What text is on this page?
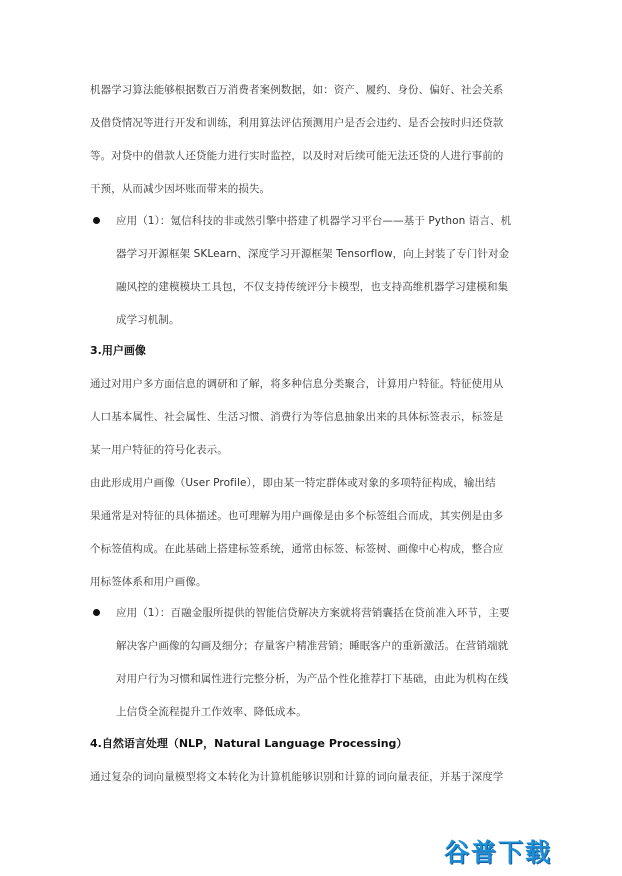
机器学习算法能够根据数百万消费者案例数据，如：资产、履约、身份、偏好、社会关系

及借贷情况等进行开发和训练，利用算法评估预测用户是否会违约、是否会按时归还贷款

等。对贷中的借款人还贷能力进行实时监控，以及时对后续可能无法还贷的人进行事前的

干预，从而减少因坏账而带来的损失。

应用（1）：氪信科技的非或然引擎中搭建了机器学习平台——基于 Python 语言、机

器学习开源框架 SKLearn、深度学习开源框架 Tensorflow，向上封装了专门针对金

融风控的建模模块工具包，不仅支持传统评分卡模型，也支持高维机器学习建模和集

成学习机制。

3.用户画像

通过对用户多方面信息的调研和了解，将多种信息分类聚合，计算用户特征。特征使用从

人口基本属性、社会属性、生活习惯、消费行为等信息抽象出来的具体标签表示，标签是

某一用户特征的符号化表示。

由此形成用户画像（User Profile），即由某一特定群体或对象的多项特征构成，输出结

果通常是对特征的具体描述。也可理解为用户画像是由多个标签组合而成，其实例是由多

个标签值构成。在此基础上搭建标签系统，通常由标签、标签树、画像中心构成，整合应

用标签体系和用户画像。

应用（1）：百融金服所提供的智能信贷解决方案就将营销囊括在贷前准入环节，主要

解决客户画像的勾画及细分；存量客户精准营销；睡眠客户的重新激活。在营销端就

对用户行为习惯和属性进行完整分析，为产品个性化推荐打下基础，由此为机构在线

上信贷全流程提升工作效率、降低成本。

4.自然语言处理（NLP，Natural Language Processing）

通过复杂的词向量模型将文本转化为计算机能够识别和计算的词向量表征，并基于深度学

谷普下载
